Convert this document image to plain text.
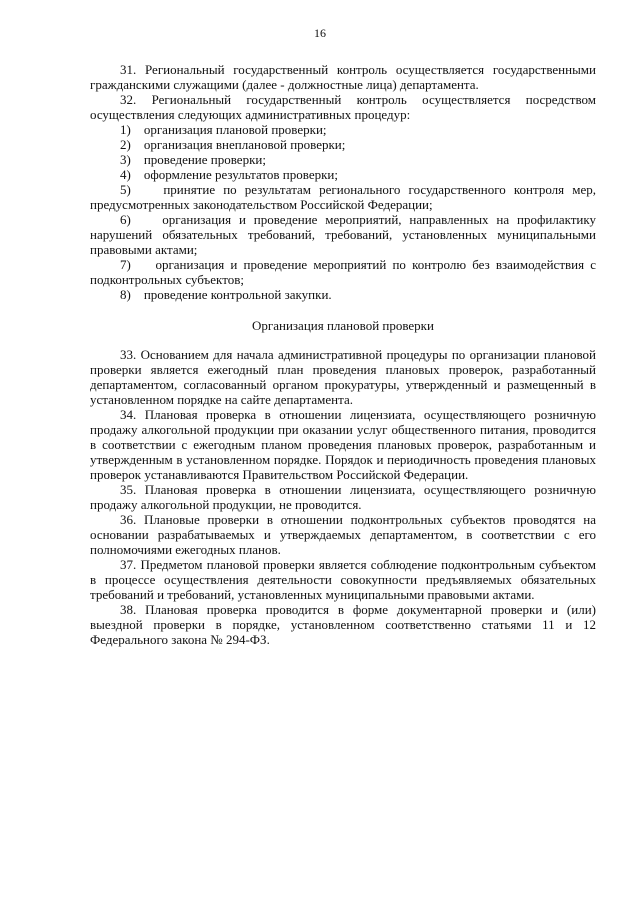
16

31. Региональный государственный контроль осуществляется государственными гражданскими служащими (далее - должностные лица) департамента.

32. Региональный государственный контроль осуществляется посредством осуществления следующих административных процедур:

1) организация плановой проверки;

2) организация внеплановой проверки;

3) проведение проверки;

4) оформление результатов проверки;

5) принятие по результатам регионального государственного контроля мер, предусмотренных законодательством Российской Федерации;

6) организация и проведение мероприятий, направленных на профилактику нарушений обязательных требований, требований, установленных муниципальными правовыми актами;

7) организация и проведение мероприятий по контролю без взаимодействия с подконтрольных субъектов;

8) проведение контрольной закупки.

Организация плановой проверки

33. Основанием для начала административной процедуры по организации плановой проверки является ежегодный план проведения плановых проверок, разработанный департаментом, согласованный органом прокуратуры, утвержденный и размещенный в установленном порядке на сайте департамента.

34. Плановая проверка в отношении лицензиата, осуществляющего розничную продажу алкогольной продукции при оказании услуг общественного питания, проводится в соответствии с ежегодным планом проведения плановых проверок, разработанным и утвержденным в установленном порядке. Порядок и периодичность проведения плановых проверок устанавливаются Правительством Российской Федерации.

35. Плановая проверка в отношении лицензиата, осуществляющего розничную продажу алкогольной продукции, не проводится.

36. Плановые проверки в отношении подконтрольных субъектов проводятся на основании разрабатываемых и утверждаемых департаментом, в соответствии с его полномочиями ежегодных планов.

37. Предметом плановой проверки является соблюдение подконтрольным субъектом в процессе осуществления деятельности совокупности предъявляемых обязательных требований и требований, установленных муниципальными правовыми актами.

38. Плановая проверка проводится в форме документарной проверки и (или) выездной проверки в порядке, установленном соответственно статьями 11 и 12 Федерального закона № 294-ФЗ.
